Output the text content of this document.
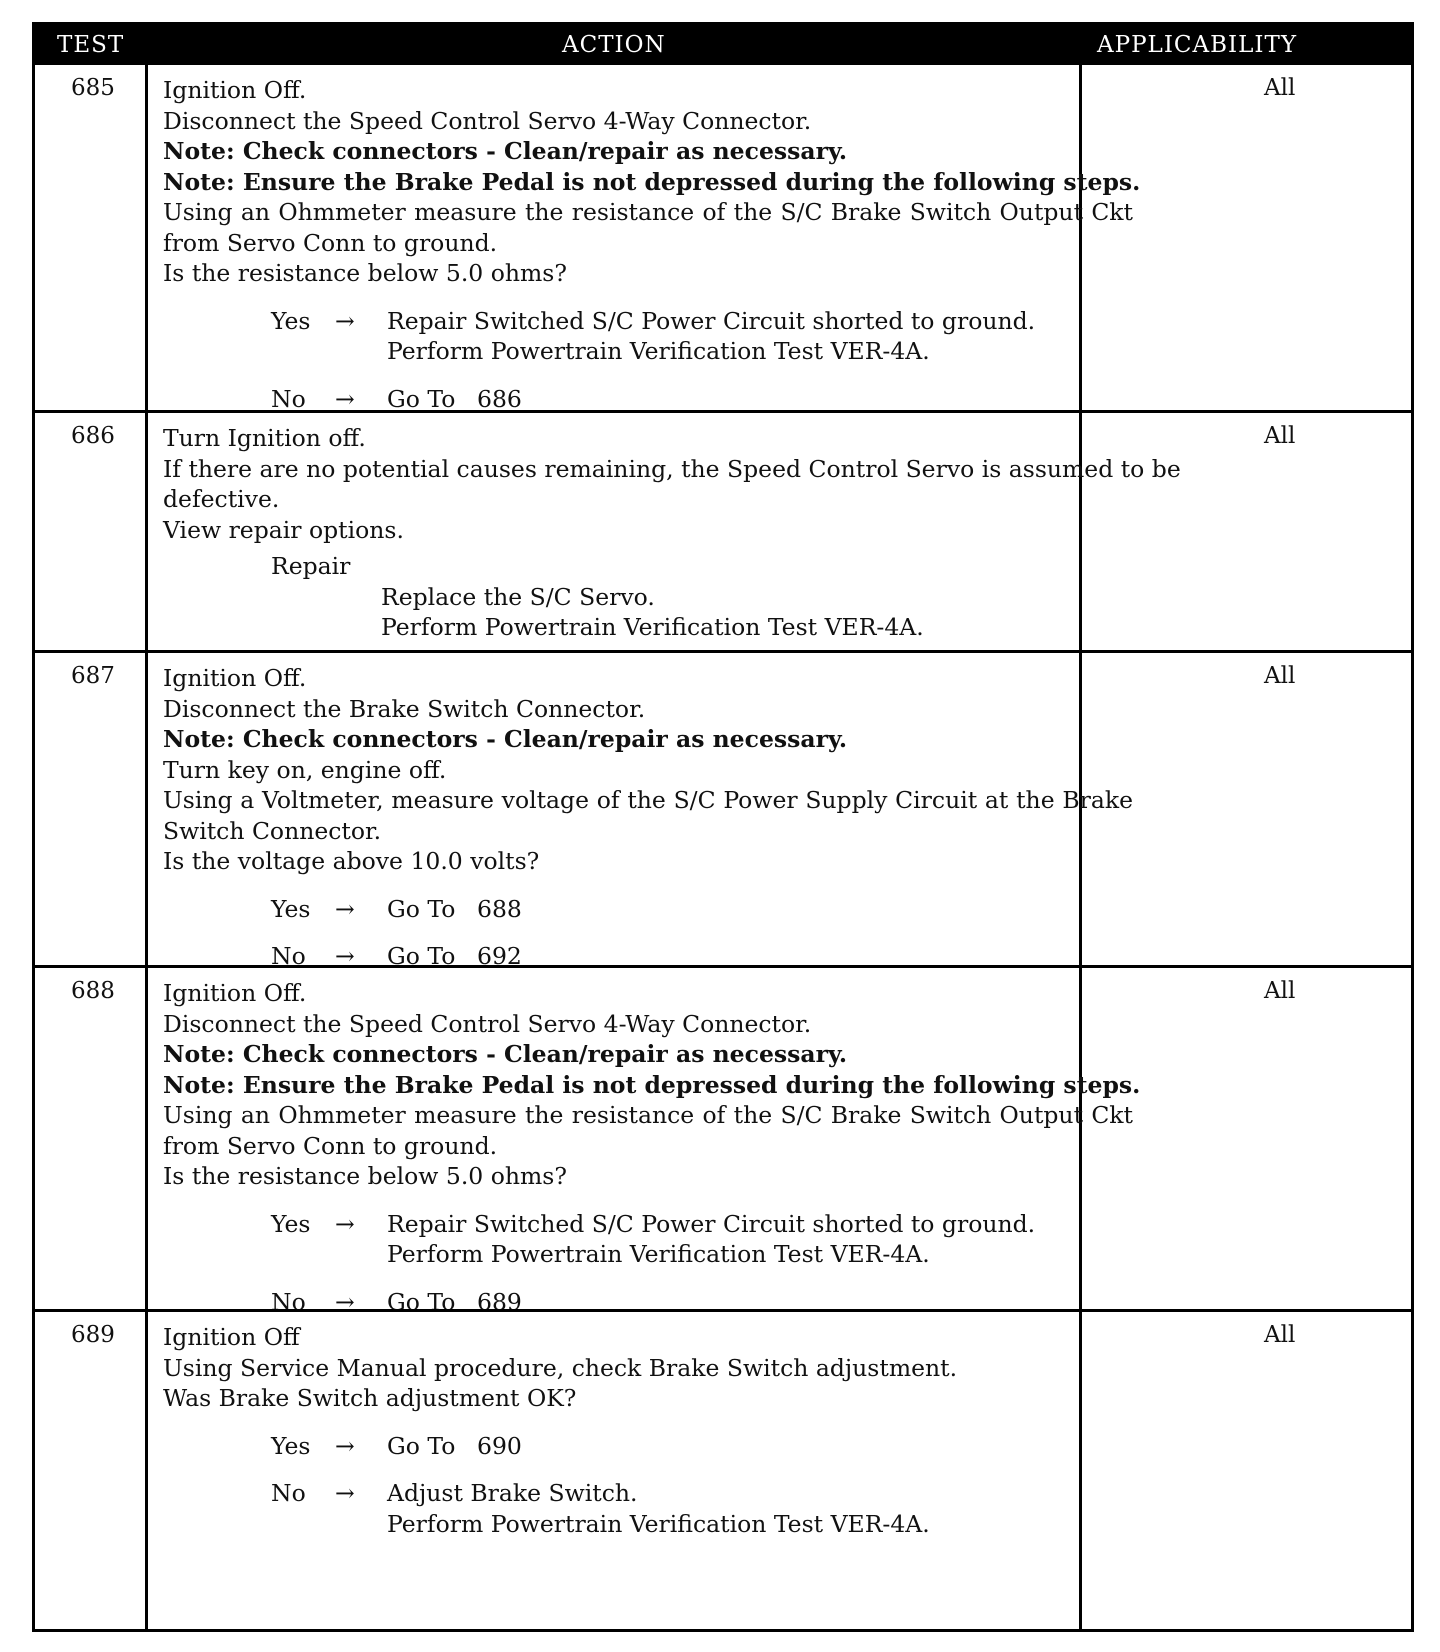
TEST	ACTION	APPLICABILITY
685 Ignition Off.
Disconnect the Speed Control Servo 4-Way Connector.
Note: Check connectors - Clean/repair as necessary.
Note: Ensure the Brake Pedal is not depressed during the following steps.
Using an Ohmmeter measure the resistance of the S/C Brake Switch Output Ckt
from Servo Conn to ground.
Is the resistance below 5.0 ohms?
Yes → Repair Switched S/C Power Circuit shorted to ground.
Perform Powertrain Verification Test VER-4A.
No → Go To 686
All
686 Turn Ignition off.
If there are no potential causes remaining, the Speed Control Servo is assumed to be
defective.
View repair options.
Repair
Replace the S/C Servo.
Perform Powertrain Verification Test VER-4A.
All
687 Ignition Off.
Disconnect the Brake Switch Connector.
Note: Check connectors - Clean/repair as necessary.
Turn key on, engine off.
Using a Voltmeter, measure voltage of the S/C Power Supply Circuit at the Brake
Switch Connector.
Is the voltage above 10.0 volts?
Yes → Go To 688
No → Go To 692
All
688 Ignition Off.
Disconnect the Speed Control Servo 4-Way Connector.
Note: Check connectors - Clean/repair as necessary.
Note: Ensure the Brake Pedal is not depressed during the following steps.
Using an Ohmmeter measure the resistance of the S/C Brake Switch Output Ckt
from Servo Conn to ground.
Is the resistance below 5.0 ohms?
Yes → Repair Switched S/C Power Circuit shorted to ground.
Perform Powertrain Verification Test VER-4A.
No → Go To 689
All
689 Ignition Off
Using Service Manual procedure, check Brake Switch adjustment.
Was Brake Switch adjustment OK?
Yes → Go To 690
No → Adjust Brake Switch.
Perform Powertrain Verification Test VER-4A.
All
